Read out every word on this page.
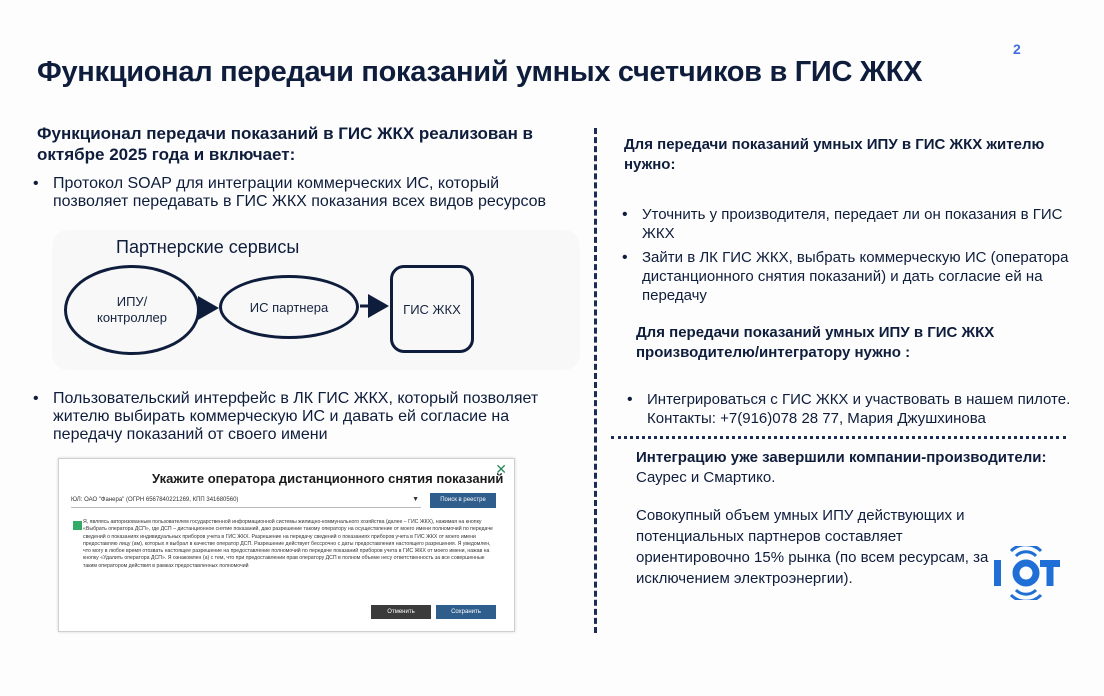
2
Функционал передачи показаний умных счетчиков в ГИС ЖКХ
Функционал передачи показаний в ГИС ЖКХ реализован в октябре 2025 года и включает:
• Протокол SOAP для интеграции коммерческих ИС, который позволяет передавать в ГИС ЖКХ показания всех видов ресурсов
Партнерские сервисы
ИПУ/ контроллер
ИС партнера	ГИС ЖКХ
• Пользовательский интерфейс в ЛК ГИС ЖКХ, который позволяет жителю выбирать коммерческую ИС и давать ей согласие на передачу показаний от своего имени
Укажите оператора дистанционного снятия показаний
✕
ЮЛ: ОАО "Фанера" (ОГРН 6567840221269, КПП 341680560)	▼	Поиск в реестре
Я, являясь авторизованным пользователем государственной информационной системы жилищно-коммунального хозяйства (далее – ГИС ЖКХ), нажимая на кнопку «Выбрать оператора ДСП», где ДСП – дистанционное снятие показаний, даю разрешение такому оператору на осуществление от моего имени полномочий по передаче сведений о показаниях индивидуальных приборов учета в ГИС ЖКХ. Разрешение на передачу сведений о показаниях приборов учета в ГИС ЖКХ от моего имени предоставляю лицу (ам), которых я выбрал в качестве оператор ДСП. Разрешение действует бессрочно с даты предоставления настоящего разрешения. Я уведомлен, что могу в любое время отозвать настоящее разрешение на предоставление полномочий по передаче показаний приборов учета в ГИС ЖКХ от моего имени, нажав на кнопку «Удалить оператора ДСП». Я ознакомлен (а) с тем, что при предоставлении прав оператору ДСП в полном объеме несу ответственность за все совершенные таким оператором действия в рамках предоставленных полномочий
Отменить	Сохранить
Для передачи показаний умных ИПУ в ГИС ЖКХ жителю нужно:
• Уточнить у производителя, передает ли он показания в ГИС ЖКХ
• Зайти в ЛК ГИС ЖКХ, выбрать коммерческую ИС (оператора дистанционного снятия показаний) и дать согласие ей на передачу
Для передачи показаний умных ИПУ в ГИС ЖКХ производителю/интегратору нужно :
• Интегрироваться с ГИС ЖКХ и участвовать в нашем пилоте. Контакты: +7(916)078 28 77, Мария Джушхинова
Интеграцию уже завершили компании-производители: Саурес и Смартико.
Совокупный объем умных ИПУ действующих и потенциальных партнеров составляет ориентировочно 15% рынка (по всем ресурсам, за исключением электроэнергии).
